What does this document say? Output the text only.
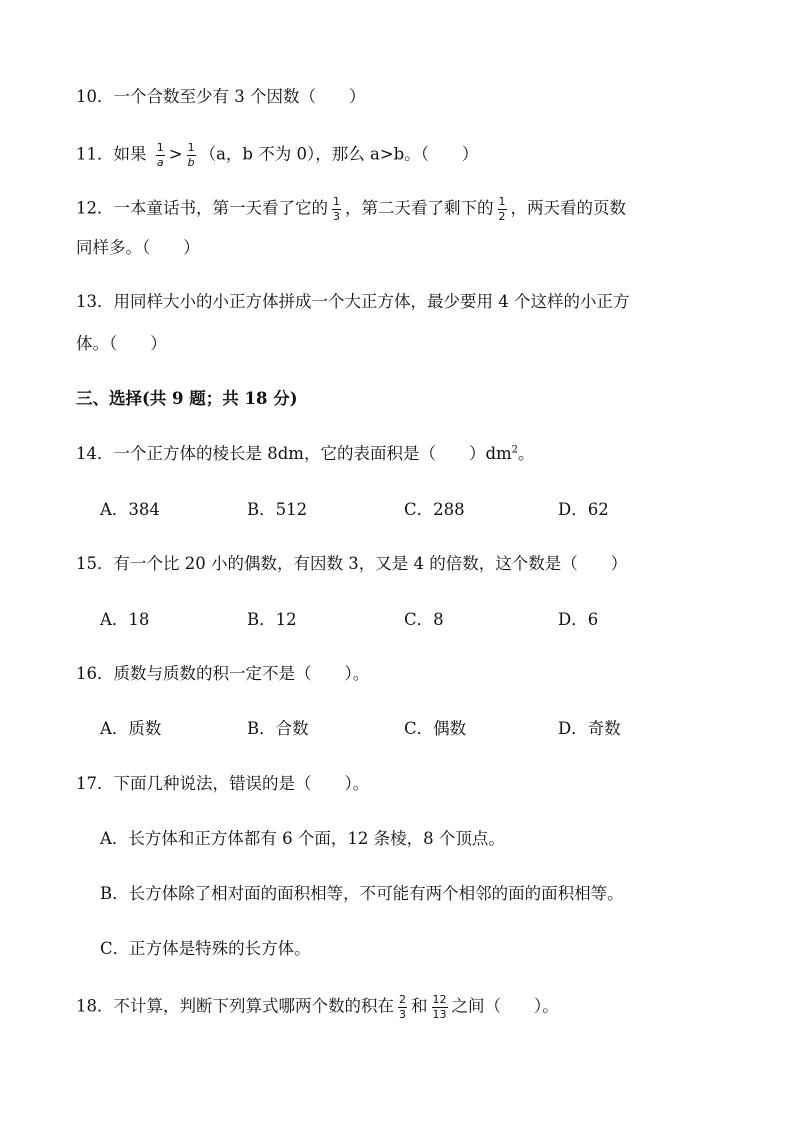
10．一个合数至少有 3 个因数（　　）
11．如果 $\frac{1}{a} > \frac{1}{b} (a$，b 不为 0），那么 a>b。（　　）
12．一本童话书，第一天看了它的 $\frac{1}{3}$ ，第二天看了剩下的 $\frac{1}{2}$ ，两天看的页数
同样多。（　　）
13．用同样大小的小正方体拼成一个大正方体，最少要用 4 个这样的小正方
体。（　　）
三、选择(共 9 题；共 18 分)
14．一个正方体的棱长是 8dm，它的表面积是（　　）$dm^2$。
A．384	B．512	C．288	D．62
15．有一个比 20 小的偶数，有因数 3，又是 4 的倍数，这个数是（　　）
A．18	B．12	C．8	D．6
16．质数与质数的积一定不是（　　）。
A．质数	B．合数	C．偶数	D．奇数
17．下面几种说法，错误的是（　　）。
A．长方体和正方体都有 6 个面，12 条棱，8 个顶点。
B．长方体除了相对面的面积相等，不可能有两个相邻的面的面积相等。
C．正方体是特殊的长方体。
18．不计算，判断下列算式哪两个数的积在 $\frac{2}{3}$ 和 $\frac{12}{13}$ 之间（　　）。
